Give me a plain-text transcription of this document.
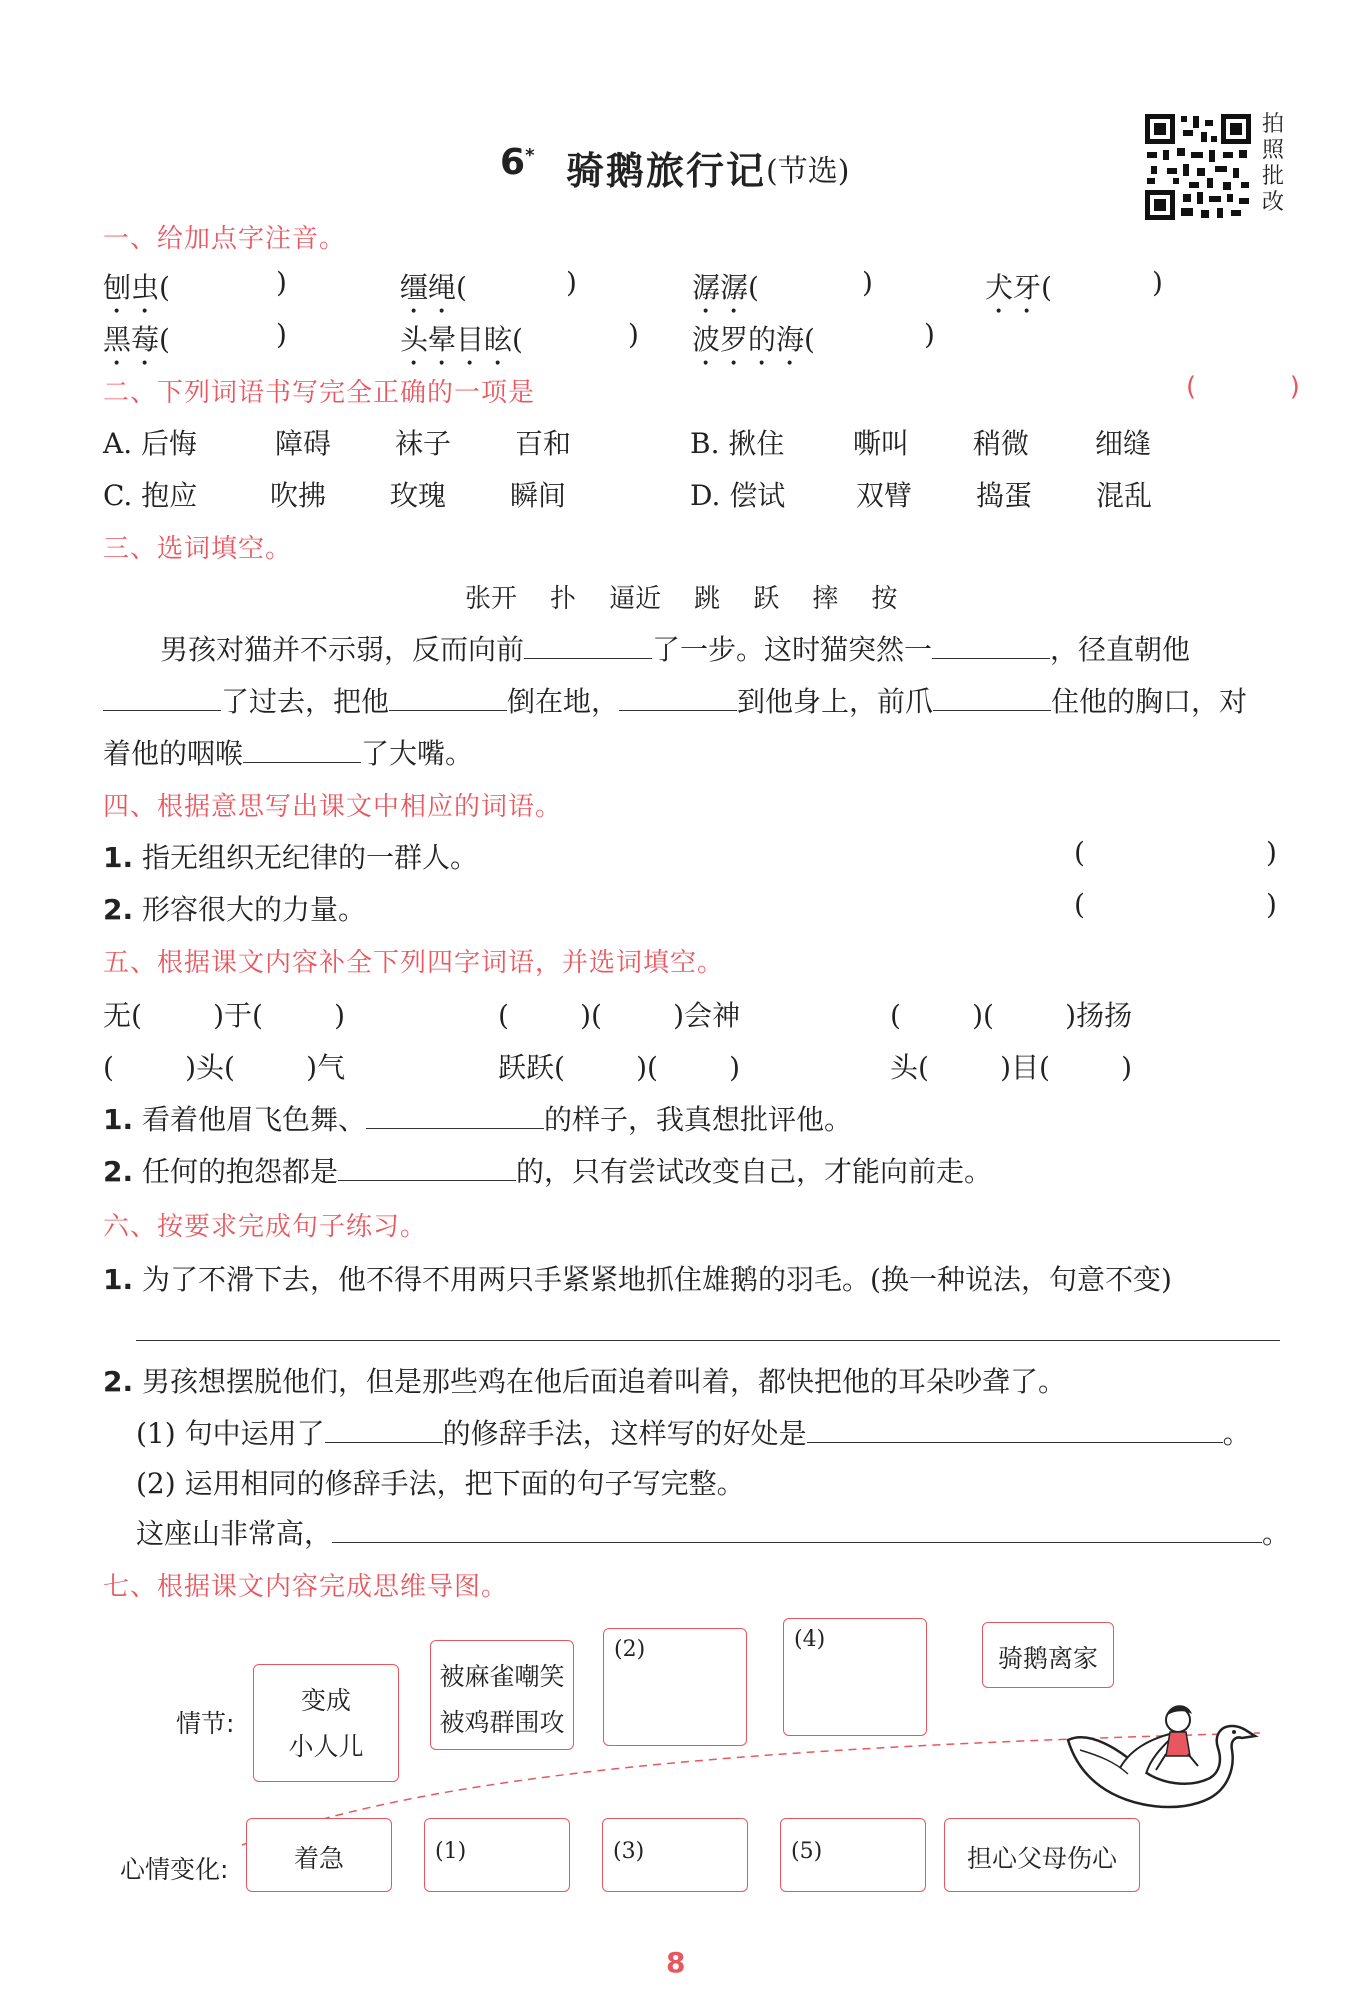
6* 骑鹅旅行记 (节选)
拍
照
批
改
一、给加点字注音。
刨虫(	)	缰绳(	)	潺潺(	)	犬牙(	)
黑莓(	)	头晕目眩(	) 波罗的海(	)
二、下列词语书写完全正确的一项是	(          )
A. 后悔	障碍 袜子 百和	B. 揪住 嘶叫 稍微 细缝
C. 抱应	吹拂 玫瑰 瞬间	D. 偿试	双臂 捣蛋 混乱
三、选词填空。
张开    扑    逼近    跳    跃    摔    按
男孩对猫并不示弱，反而向前	了一步。这时猫突然一	，径直朝他
了过去，把他	倒在地，	到他身上，前爪	住他的胸口，对
着他的咽喉	了大嘴。
四、根据意思写出课文中相应的词语。
1. 指无组织无纪律的一群人。	(	)
2. 形容很大的力量。	(	)
五、根据课文内容补全下列四字词语，并选词填空。
无(        )于(        )	(        )(        )会神	(        )(        )扬扬
(        )头(        )气	跃跃(        )(        )	头(        )目(        )
1. 看着他眉飞色舞、	的样子，我真想批评他。
2. 任何的抱怨都是	的，只有尝试改变自己，才能向前走。
六、按要求完成句子练习。
1. 为了不滑下去，他不得不用两只手紧紧地抓住雄鹅的羽毛。(换一种说法，句意不变)
2. 男孩想摆脱他们，但是那些鸡在他后面追着叫着，都快把他的耳朵吵聋了。
(1) 句中运用了	的修辞手法，这样写的好处是	。
(2) 运用相同的修辞手法，把下面的句子写完整。
这座山非常高，	。
七、根据课文内容完成思维导图。
情节:
心情变化:
变成
小人儿
被麻雀嘲笑
被鸡群围攻
(2)	(4)
骑鹅离家
着急	(1)	(3)	(5)	担心父母伤心
8
